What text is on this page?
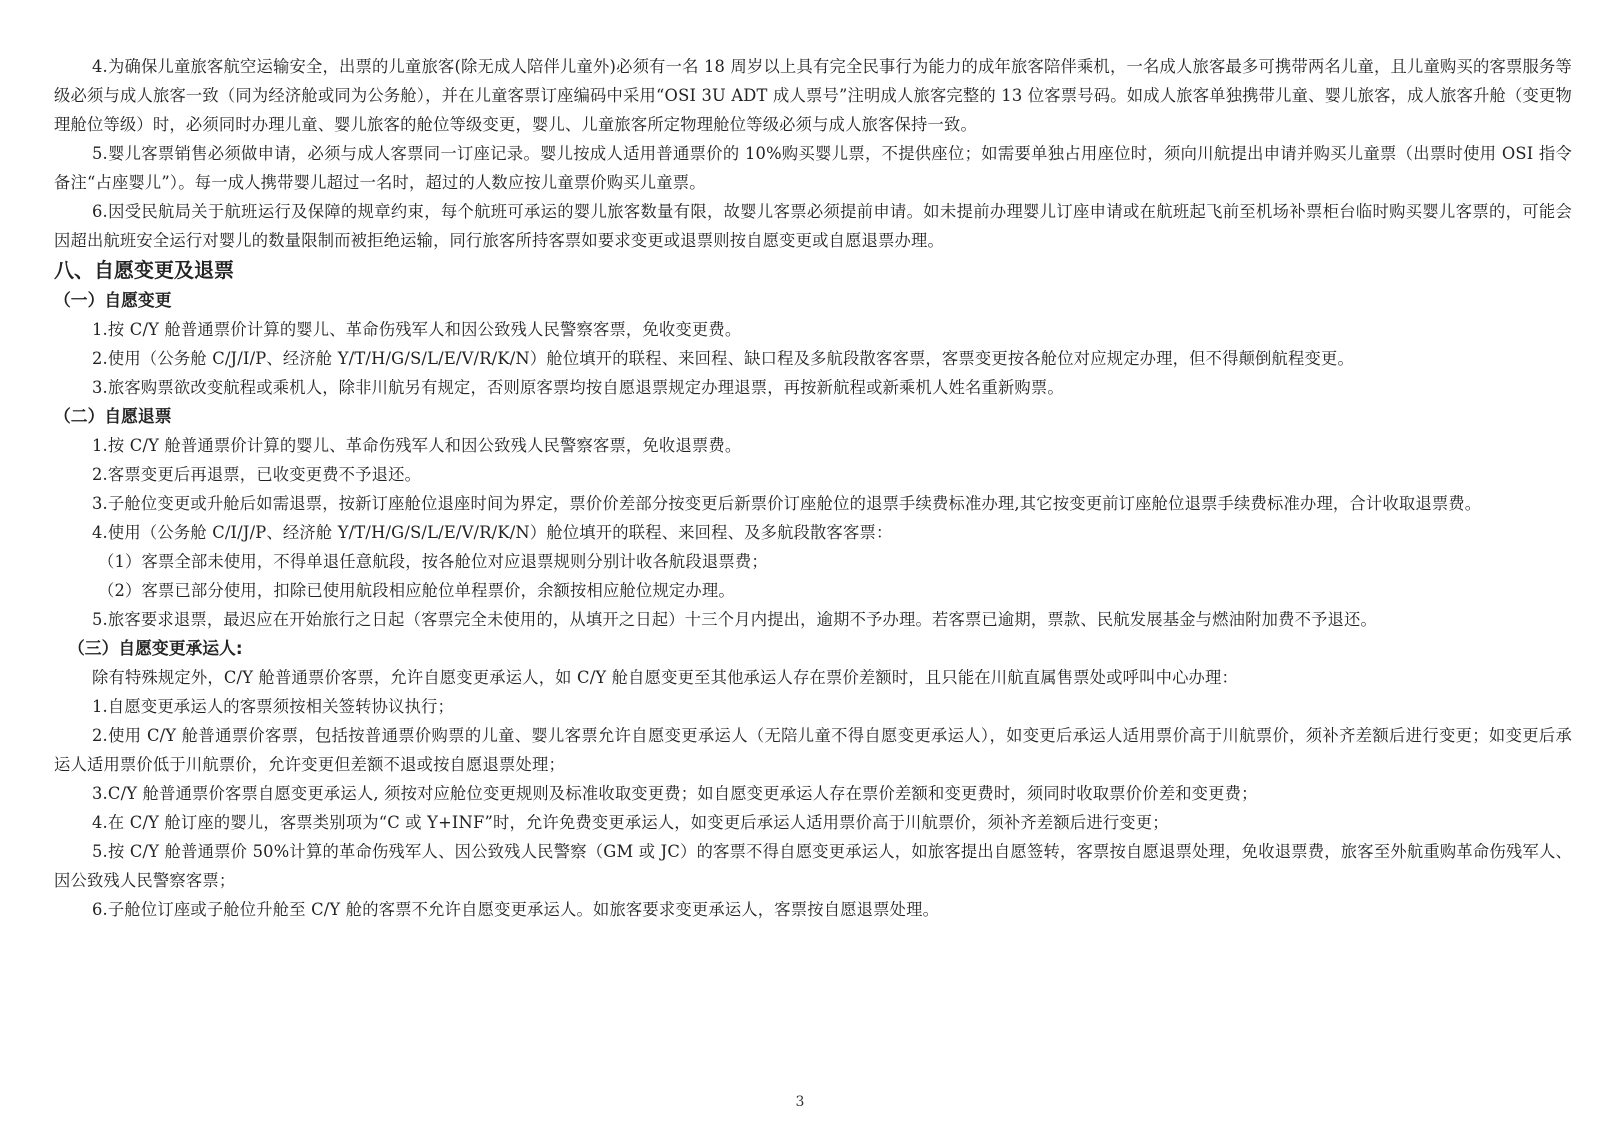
4.为确保儿童旅客航空运输安全，出票的儿童旅客(除无成人陪伴儿童外)必须有一名 18 周岁以上具有完全民事行为能力的成年旅客陪伴乘机，一名成人旅客最多可携带两名儿童，且儿童购买的客票服务等级必须与成人旅客一致（同为经济舱或同为公务舱），并在儿童客票订座编码中采用“OSI 3U ADT 成人票号”注明成人旅客完整的 13 位客票号码。如成人旅客单独携带儿童、婴儿旅客，成人旅客升舱（变更物理舱位等级）时，必须同时办理儿童、婴儿旅客的舱位等级变更，婴儿、儿童旅客所定物理舱位等级必须与成人旅客保持一致。

5.婴儿客票销售必须做申请，必须与成人客票同一订座记录。婴儿按成人适用普通票价的 10%购买婴儿票，不提供座位；如需要单独占用座位时，须向川航提出申请并购买儿童票（出票时使用 OSI 指令备注“占座婴儿”）。每一成人携带婴儿超过一名时，超过的人数应按儿童票价购买儿童票。

6.因受民航局关于航班运行及保障的规章约束，每个航班可承运的婴儿旅客数量有限，故婴儿客票必须提前申请。如未提前办理婴儿订座申请或在航班起飞前至机场补票柜台临时购买婴儿客票的，可能会因超出航班安全运行对婴儿的数量限制而被拒绝运输，同行旅客所持客票如要求变更或退票则按自愿变更或自愿退票办理。

八、自愿变更及退票
（一）自愿变更

1.按 C/Y 舱普通票价计算的婴儿、革命伤残军人和因公致残人民警察客票，免收变更费。

2.使用（公务舱 C/J/I/P、经济舱 Y/T/H/G/S/L/E/V/R/K/N）舱位填开的联程、来回程、缺口程及多航段散客客票，客票变更按各舱位对应规定办理，但不得颠倒航程变更。

3.旅客购票欲改变航程或乘机人，除非川航另有规定，否则原客票均按自愿退票规定办理退票，再按新航程或新乘机人姓名重新购票。

（二）自愿退票

1.按 C/Y 舱普通票价计算的婴儿、革命伤残军人和因公致残人民警察客票，免收退票费。

2.客票变更后再退票，已收变更费不予退还。

3.子舱位变更或升舱后如需退票，按新订座舱位退座时间为界定，票价价差部分按变更后新票价订座舱位的退票手续费标准办理,其它按变更前订座舱位退票手续费标准办理，合计收取退票费。

4.使用（公务舱 C/I/J/P、经济舱 Y/T/H/G/S/L/E/V/R/K/N）舱位填开的联程、来回程、及多航段散客客票：

（1）客票全部未使用，不得单退任意航段，按各舱位对应退票规则分别计收各航段退票费；

（2）客票已部分使用，扣除已使用航段相应舱位单程票价，余额按相应舱位规定办理。

5.旅客要求退票，最迟应在开始旅行之日起（客票完全未使用的，从填开之日起）十三个月内提出，逾期不予办理。若客票已逾期，票款、民航发展基金与燃油附加费不予退还。

（三）自愿变更承运人:

除有特殊规定外，C/Y 舱普通票价客票，允许自愿变更承运人，如 C/Y 舱自愿变更至其他承运人存在票价差额时，且只能在川航直属售票处或呼叫中心办理：

1.自愿变更承运人的客票须按相关签转协议执行；

2.使用 C/Y 舱普通票价客票，包括按普通票价购票的儿童、婴儿客票允许自愿变更承运人（无陪儿童不得自愿变更承运人），如变更后承运人适用票价高于川航票价，须补齐差额后进行变更；如变更后承运人适用票价低于川航票价，允许变更但差额不退或按自愿退票处理；

3.C/Y 舱普通票价客票自愿变更承运人, 须按对应舱位变更规则及标准收取变更费；如自愿变更承运人存在票价差额和变更费时，须同时收取票价价差和变更费；

4.在 C/Y 舱订座的婴儿，客票类别项为“C 或 Y+INF”时，允许免费变更承运人，如变更后承运人适用票价高于川航票价，须补齐差额后进行变更；

5.按 C/Y 舱普通票价 50%计算的革命伤残军人、因公致残人民警察（GM 或 JC）的客票不得自愿变更承运人，如旅客提出自愿签转，客票按自愿退票处理，免收退票费，旅客至外航重购革命伤残军人、因公致残人民警察客票；

6.子舱位订座或子舱位升舱至 C/Y 舱的客票不允许自愿变更承运人。如旅客要求变更承运人，客票按自愿退票处理。

3
